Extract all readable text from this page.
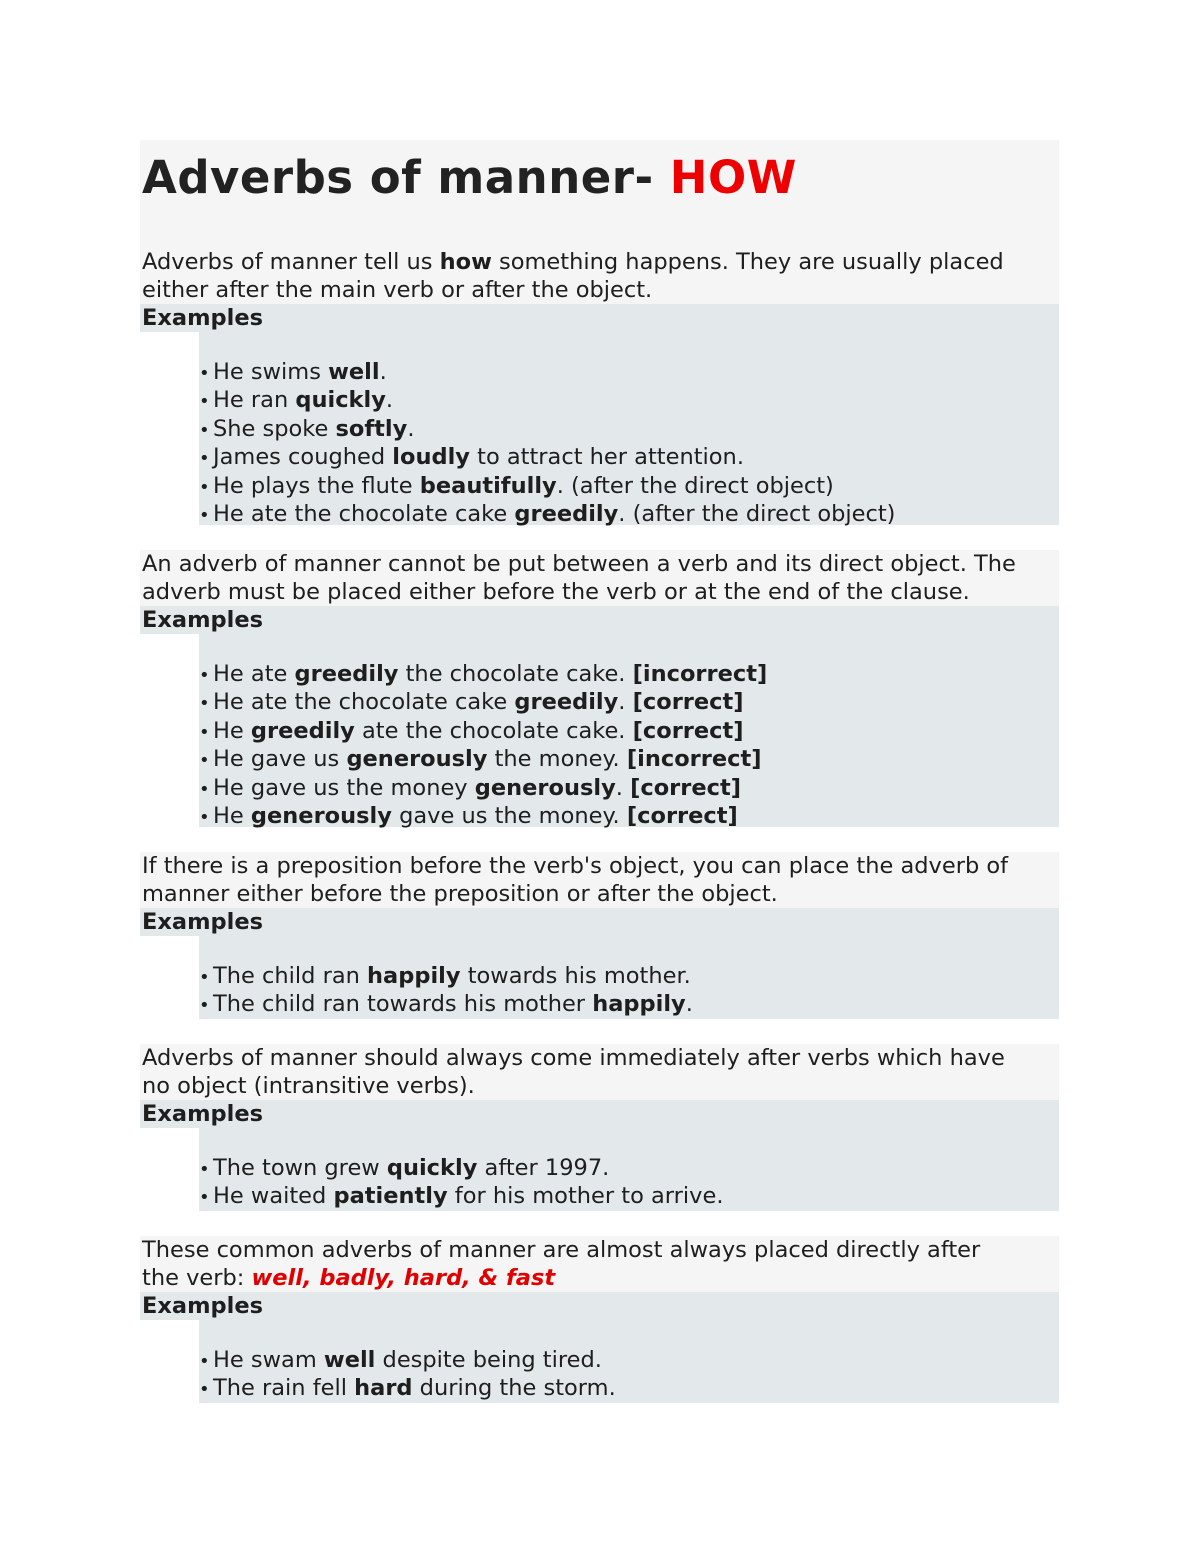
Adverbs of manner- HOW

Adverbs of manner tell us how something happens. They are usually placed
either after the main verb or after the object.

Examples
• He swims well.
• He ran quickly.
• She spoke softly.
• James coughed loudly to attract her attention.
• He plays the flute beautifully. (after the direct object)
• He ate the chocolate cake greedily. (after the direct object)

An adverb of manner cannot be put between a verb and its direct object. The
adverb must be placed either before the verb or at the end of the clause.

Examples
• He ate greedily the chocolate cake. [incorrect]
• He ate the chocolate cake greedily. [correct]
• He greedily ate the chocolate cake. [correct]
• He gave us generously the money. [incorrect]
• He gave us the money generously. [correct]
• He generously gave us the money. [correct]

If there is a preposition before the verb's object, you can place the adverb of
manner either before the preposition or after the object.

Examples
• The child ran happily towards his mother.
• The child ran towards his mother happily.

Adverbs of manner should always come immediately after verbs which have
no object (intransitive verbs).

Examples
• The town grew quickly after 1997.
• He waited patiently for his mother to arrive.

These common adverbs of manner are almost always placed directly after
the verb: well, badly, hard, & fast

Examples
• He swam well despite being tired.
• The rain fell hard during the storm.
